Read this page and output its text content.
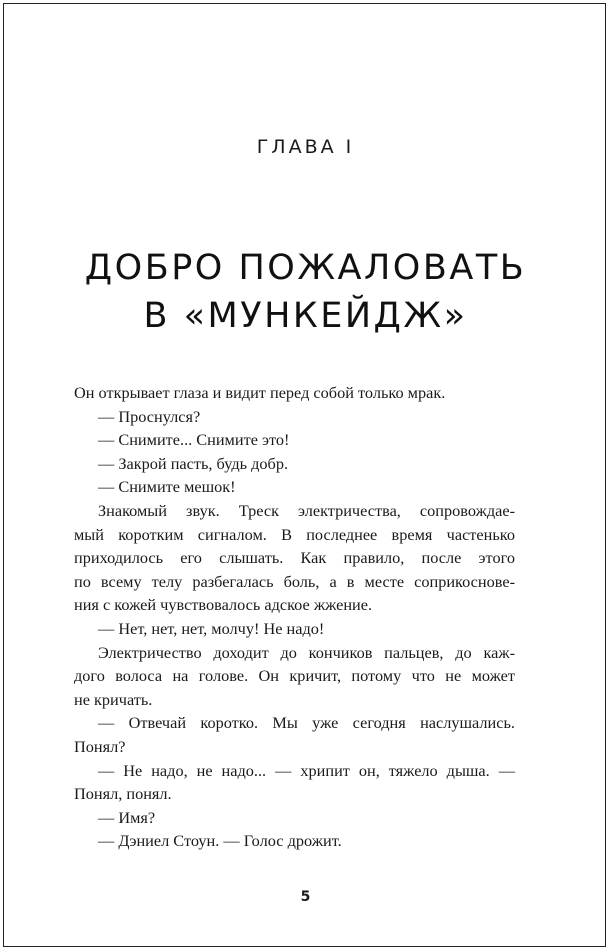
ГЛАВА I
ДОБРО ПОЖАЛОВАТЬ
В «МУНКЕЙДЖ»
Он открывает глаза и видит перед собой только мрак.
— Проснулся?
— Снимите... Снимите это!
— Закрой пасть, будь добр.
— Снимите мешок!
Знакомый звук. Треск электричества, сопровождае-
мый коротким сигналом. В последнее время частенько
приходилось его слышать. Как правило, после этого
по всему телу разбегалась боль, а в месте соприкоснове-
ния с кожей чувствовалось адское жжение.
— Нет, нет, нет, молчу! Не надо!
Электричество доходит до кончиков пальцев, до каж-
дого волоса на голове. Он кричит, потому что не может
не кричать.
— Отвечай коротко. Мы уже сегодня наслушались.
Понял?
— Не надо, не надо... — хрипит он, тяжело дыша. —
Понял, понял.
— Имя?
— Дэниел Стоун. — Голос дрожит.
5
